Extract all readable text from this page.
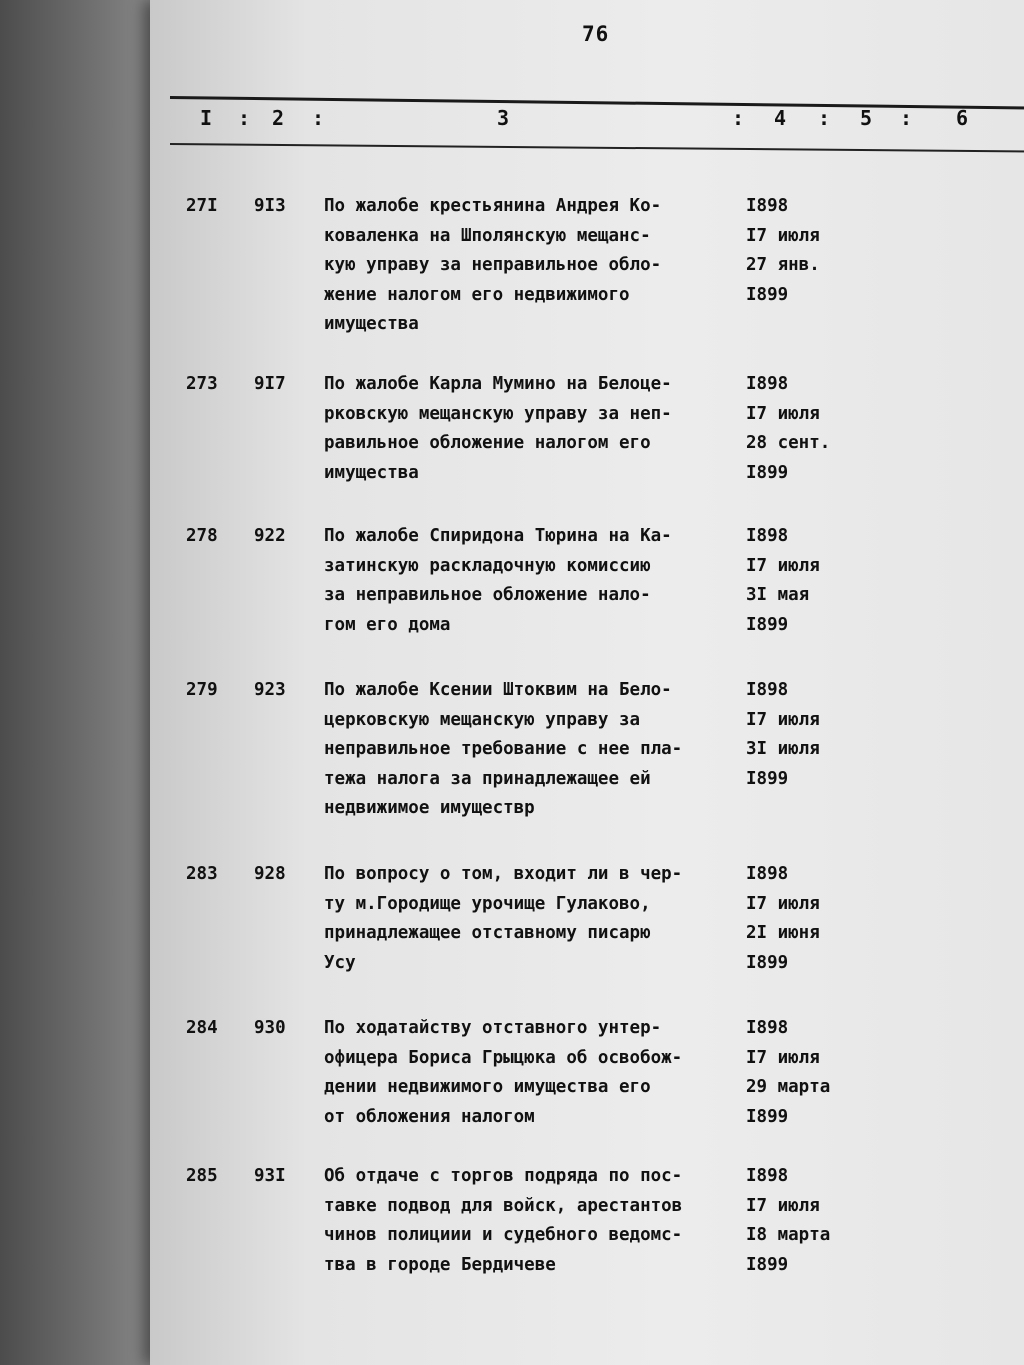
76
I : 2 :	3	: 4 : 5 : 6
27I 9I3 По жалобе крестьянина Андрея Ко-
коваленка на Шполянскую мещанс-
кую управу за неправильное обло-
жение налогом его недвижимого
имущества
I898
I7 июля
27 янв.
I899
273 9I7 По жалобе Карла Мумино на Белоце-
рковскую мещанскую управу за неп-
равильное обложение налогом его
имущества
I898
I7 июля
28 сент.
I899
278 922 По жалобе Спиридона Тюрина на Ка-
затинскую раскладочную комиссию
за неправильное обложение нало-
гом его дома
I898
I7 июля
3I мая
I899
279 923 По жалобе Ксении Штоквим на Бело-
церковскую мещанскую управу за
неправильное требование с нее пла-
тежа налога за принадлежащее ей
недвижимое имуществр
I898
I7 июля
3I июля
I899
283 928 По вопросу о том, входит ли в чер-
ту м.Городище урочище Гулаково,
принадлежащее отставному писарю
Усу
I898
I7 июля
2I июня
I899
284 930 По ходатайству отставного унтер-
офицера Бориса Грыцюка об освобож-
дении недвижимого имущества его
от обложения налогом
I898
I7 июля
29 марта
I899
285 93I Об отдаче с торгов подряда по пос-
тавке подвод для войск, арестантов
чинов полициии и судебного ведомс-
тва в городе Бердичеве
I898
I7 июля
I8 марта
I899
